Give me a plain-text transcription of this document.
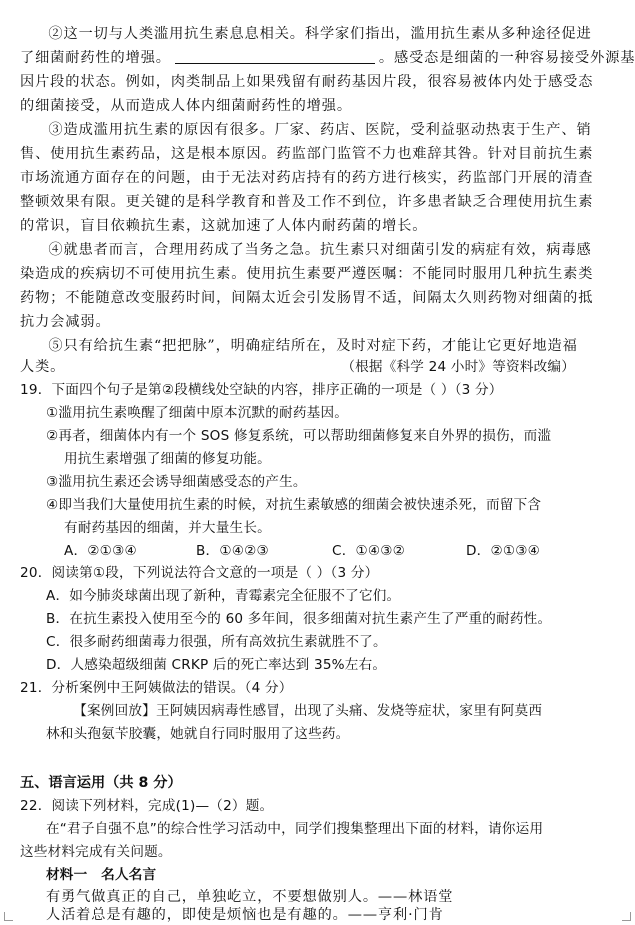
②这一切与人类滥用抗生素息息相关。科学家们指出，滥用抗生素从多种途径促进
了细菌耐药性的增强。	。感受态是细菌的一种容易接受外源基
因片段的状态。例如，肉类制品上如果残留有耐药基因片段，很容易被体内处于感受态
的细菌接受，从而造成人体内细菌耐药性的增强。
③造成滥用抗生素的原因有很多。厂家、药店、医院，受利益驱动热衷于生产、销
售、使用抗生素药品，这是根本原因。药监部门监管不力也难辞其咎。针对目前抗生素
市场流通方面存在的问题，由于无法对药店持有的药方进行核实，药监部门开展的清查
整顿效果有限。更关键的是科学教育和普及工作不到位，许多患者缺乏合理使用抗生素
的常识，盲目依赖抗生素，这就加速了人体内耐药菌的增长。
④就患者而言，合理用药成了当务之急。抗生素只对细菌引发的病症有效，病毒感
染造成的疾病切不可使用抗生素。使用抗生素要严遵医嘱：不能同时服用几种抗生素类
药物；不能随意改变服药时间，间隔太近会引发肠胃不适，间隔太久则药物对细菌的抵
抗力会减弱。
⑤只有给抗生素“把把脉”，明确症结所在，及时对症下药，才能让它更好地造福
人类。	（根据《科学 24 小时》等资料改编）
19．下面四个句子是第②段横线处空缺的内容，排序正确的一项是（ ）（3 分）
①滥用抗生素唤醒了细菌中原本沉默的耐药基因。
②再者，细菌体内有一个 SOS 修复系统，可以帮助细菌修复来自外界的损伤，而滥
用抗生素增强了细菌的修复功能。
③滥用抗生素还会诱导细菌感受态的产生。
④即当我们大量使用抗生素的时候，对抗生素敏感的细菌会被快速杀死，而留下含
有耐药基因的细菌，并大量生长。
A．②①③④	B．①④②③	C．①④③②	D．②①③④
20．阅读第①段，下列说法符合文意的一项是（ ）（3 分）
A．如今肺炎球菌出现了新种，青霉素完全征服不了它们。
B．在抗生素投入使用至今的 60 多年间，很多细菌对抗生素产生了严重的耐药性。
C．很多耐药细菌毒力很强，所有高效抗生素就胜不了。
D．人感染超级细菌 CRKP 后的死亡率达到 35%左右。
21．分析案例中王阿姨做法的错误。（4 分）
【案例回放】王阿姨因病毒性感冒，出现了头痛、发烧等症状，家里有阿莫西
林和头孢氨苄胶囊，她就自行同时服用了这些药。
五、语言运用（共 8 分）
22．阅读下列材料，完成(1)—（2）题。
在“君子自强不息”的综合性学习活动中，同学们搜集整理出下面的材料，请你运用
这些材料完成有关问题。
材料一　名人名言
有勇气做真正的自己，单独屹立，不要想做别人。——林语堂
人活着总是有趣的，即使是烦恼也是有趣的。——亨利·门肯
